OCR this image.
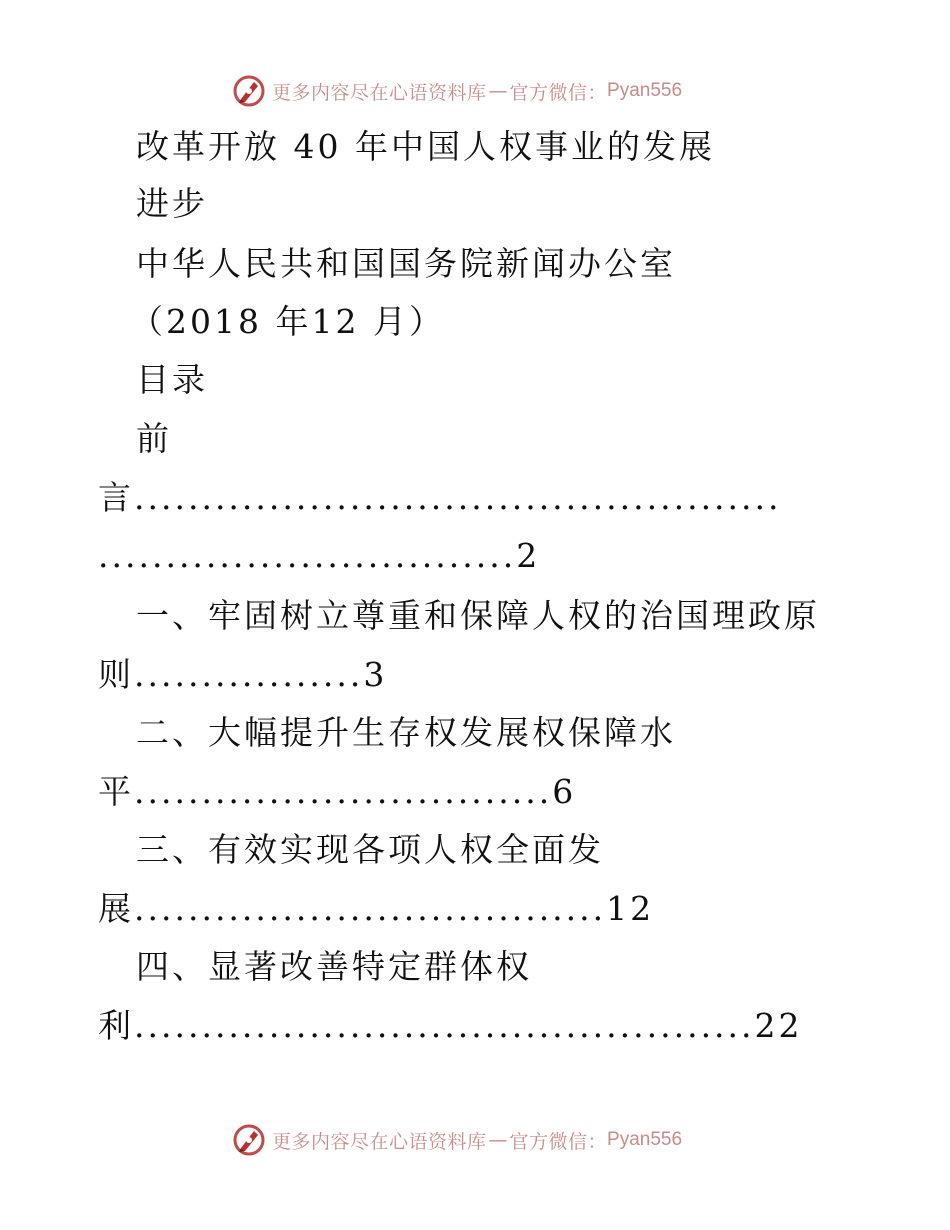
更多内容尽在心语资料库 — 官方微信： Pyan556
改革开放 40 年中国人权事业的发展
进步
中华人民共和国国务院新闻办公室
（2018 年12 月）
目录
前
言................................................
...............................2
一、牢固树立尊重和保障人权的治国理政原
则.................3
二、大幅提升生存权发展权保障水
平...............................6
三、有效实现各项人权全面发
展...................................12
四、显著改善特定群体权
利..............................................22
更多内容尽在心语资料库 — 官方微信： Pyan556
